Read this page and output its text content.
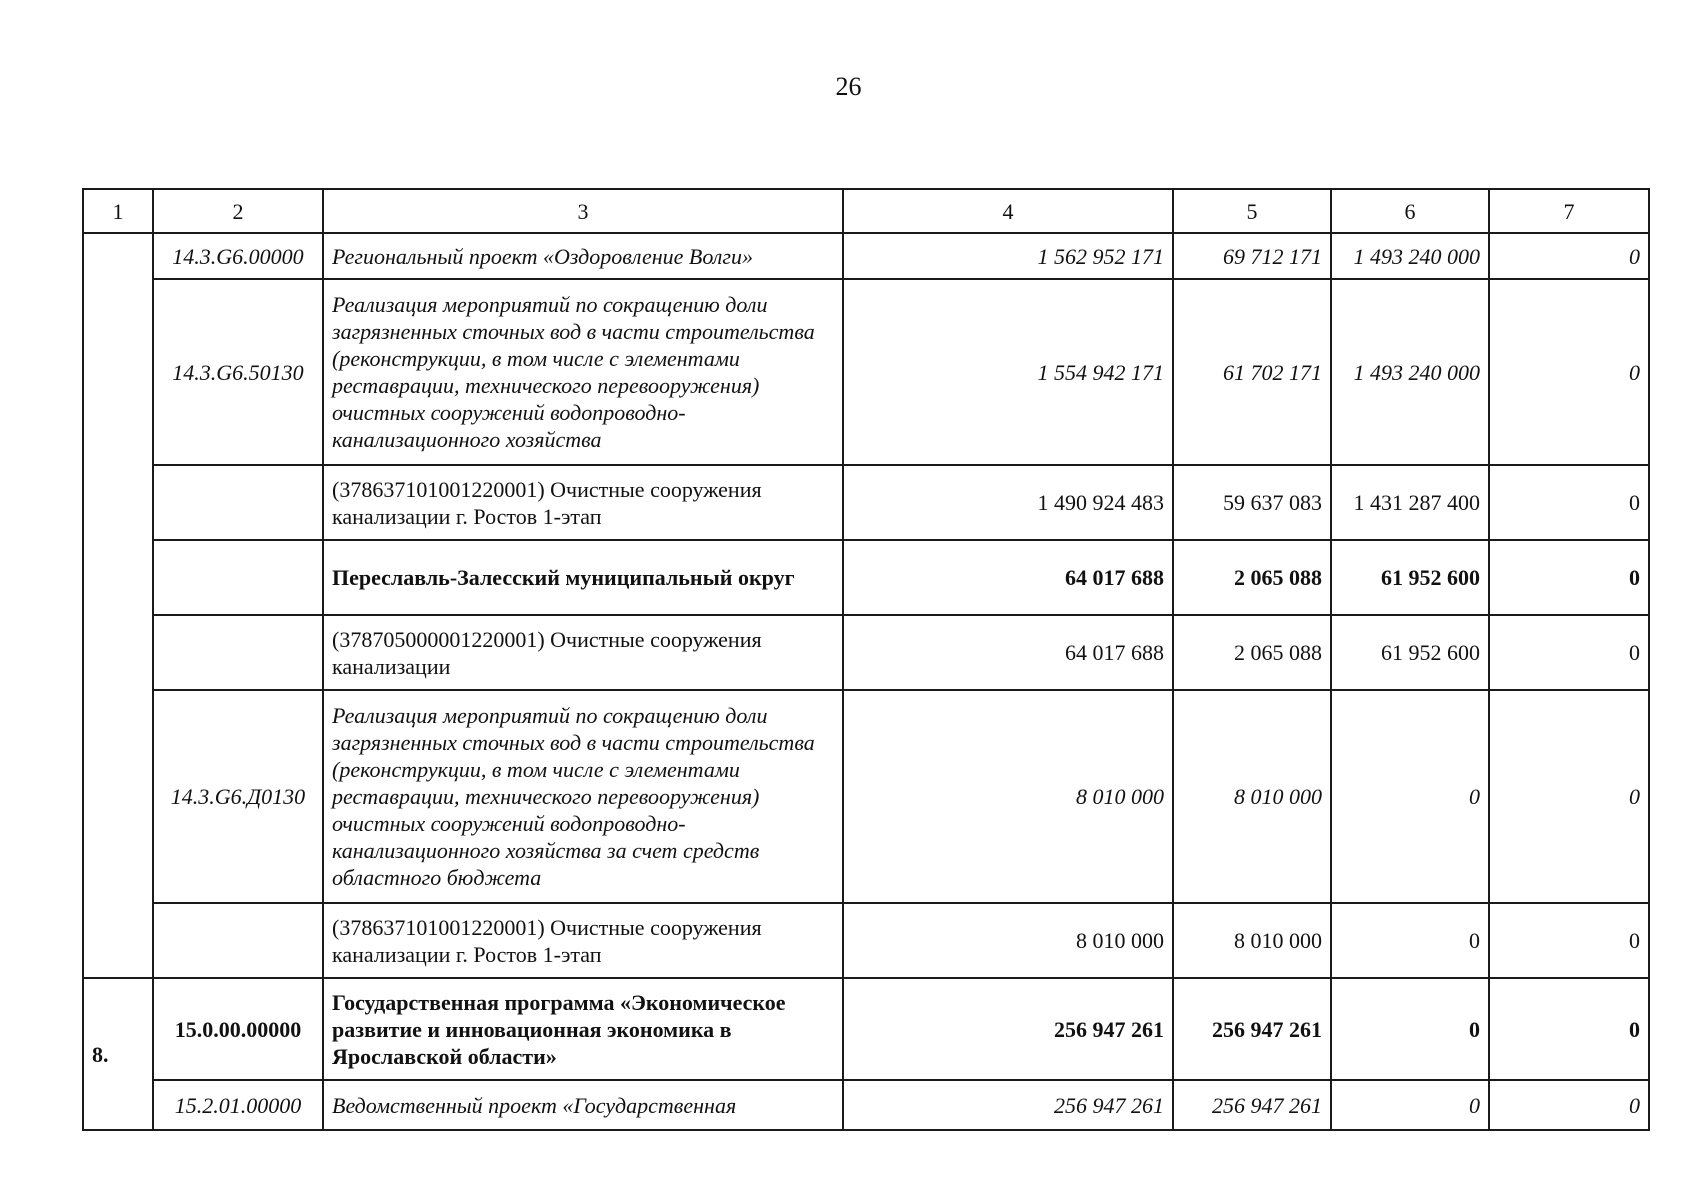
26
1	2	3	4	5	6	7
	14.3.G6.00000	Региональный проект «Оздоровление Волги»	1 562 952 171	69 712 171	1 493 240 000	0
	14.3.G6.50130	Реализация мероприятий по сокращению доли загрязненных сточных вод в части строительства (реконструкции, в том числе с элементами реставрации, технического перевооружения) очистных сооружений водопроводно-канализационного хозяйства	1 554 942 171	61 702 171	1 493 240 000	0
		(378637101001220001) Очистные сооружения канализации г. Ростов 1-этап	1 490 924 483	59 637 083	1 431 287 400	0
		Переславль-Залесский муниципальный округ	64 017 688	2 065 088	61 952 600	0
		(378705000001220001) Очистные сооружения канализации	64 017 688	2 065 088	61 952 600	0
	14.3.G6.Д0130	Реализация мероприятий по сокращению доли загрязненных сточных вод в части строительства (реконструкции, в том числе с элементами реставрации, технического перевооружения) очистных сооружений водопроводно-канализационного хозяйства за счет средств областного бюджета	8 010 000	8 010 000	0	0
		(378637101001220001) Очистные сооружения канализации г. Ростов 1-этап	8 010 000	8 010 000	0	0
8.	15.0.00.00000	Государственная программа «Экономическое развитие и инновационная экономика в Ярославской области»	256 947 261	256 947 261	0	0
	15.2.01.00000	Ведомственный проект «Государственная	256 947 261	256 947 261	0	0
